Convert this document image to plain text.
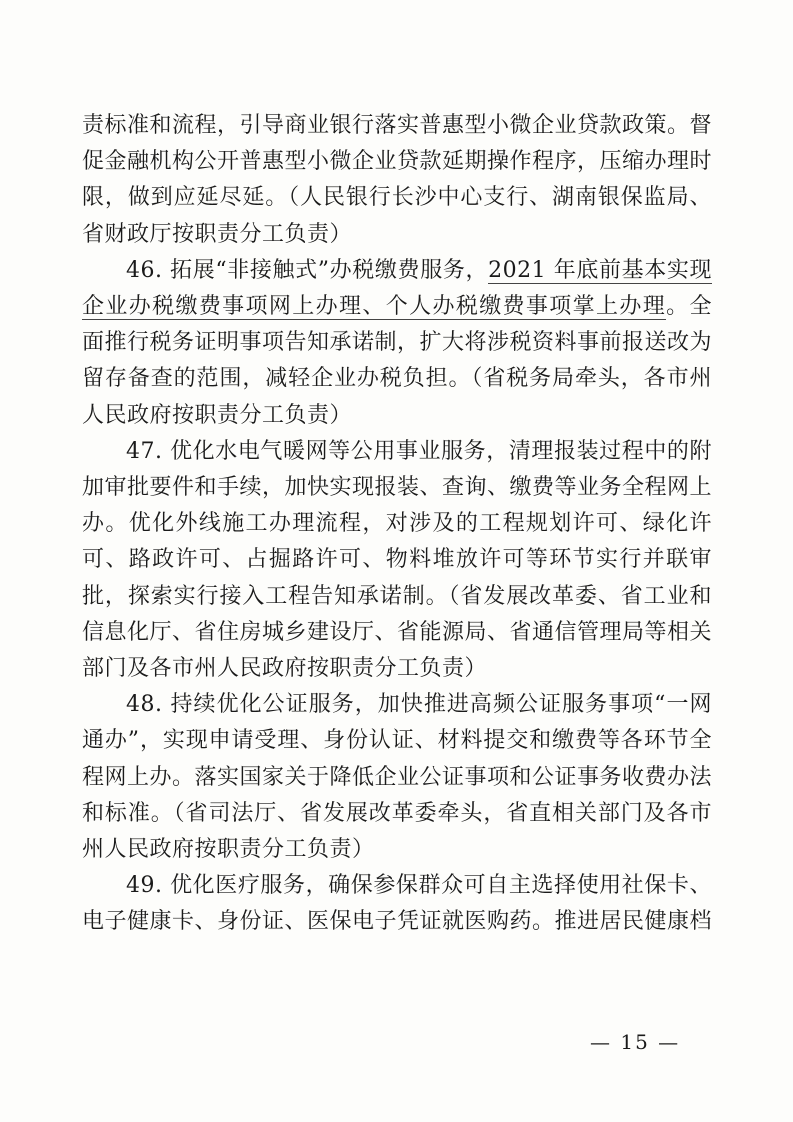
责标准和流程，引导商业银行落实普惠型小微企业贷款政策。督促金融机构公开普惠型小微企业贷款延期操作程序，压缩办理时限，做到应延尽延。（人民银行长沙中心支行、湖南银保监局、省财政厅按职责分工负责）

46. 拓展“非接触式”办税缴费服务，2021 年底前基本实现企业办税缴费事项网上办理、个人办税缴费事项掌上办理。全面推行税务证明事项告知承诺制，扩大将涉税资料事前报送改为留存备查的范围，减轻企业办税负担。（省税务局牵头，各市州人民政府按职责分工负责）

47. 优化水电气暖网等公用事业服务，清理报装过程中的附加审批要件和手续，加快实现报装、查询、缴费等业务全程网上办。优化外线施工办理流程，对涉及的工程规划许可、绿化许可、路政许可、占掘路许可、物料堆放许可等环节实行并联审批，探索实行接入工程告知承诺制。（省发展改革委、省工业和信息化厅、省住房城乡建设厅、省能源局、省通信管理局等相关部门及各市州人民政府按职责分工负责）

48. 持续优化公证服务，加快推进高频公证服务事项“一网通办”，实现申请受理、身份认证、材料提交和缴费等各环节全程网上办。落实国家关于降低企业公证事项和公证事务收费办法和标准。（省司法厅、省发展改革委牵头，省直相关部门及各市州人民政府按职责分工负责）

49. 优化医疗服务，确保参保群众可自主选择使用社保卡、电子健康卡、身份证、医保电子凭证就医购药。推进居民健康档

— 15 —
